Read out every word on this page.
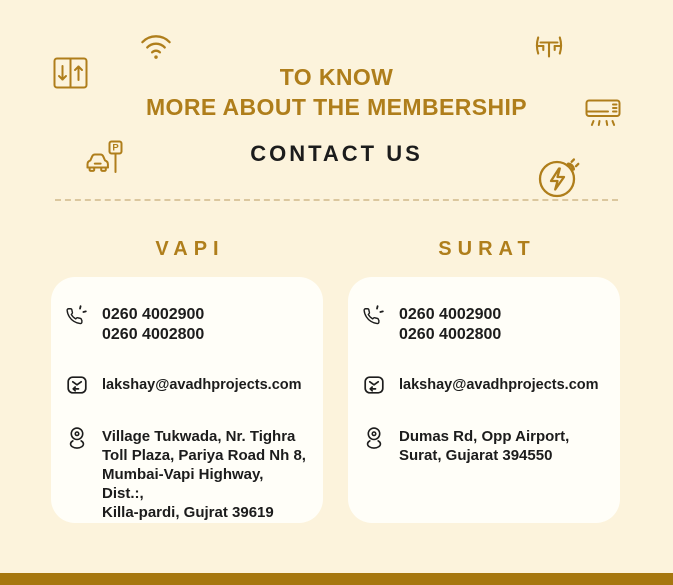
P
TO KNOW
MORE ABOUT THE MEMBERSHIP
CONTACT US
VAPI
0260 4002900
0260 4002800
lakshay@avadhprojects.com
Village Tukwada, Nr. Tighra
Toll Plaza, Pariya Road Nh 8,
Mumbai-Vapi Highway, Dist.:,
Killa-pardi, Gujrat 39619
SURAT
0260 4002900
0260 4002800
lakshay@avadhprojects.com
Dumas Rd, Opp Airport,
Surat, Gujarat 394550
